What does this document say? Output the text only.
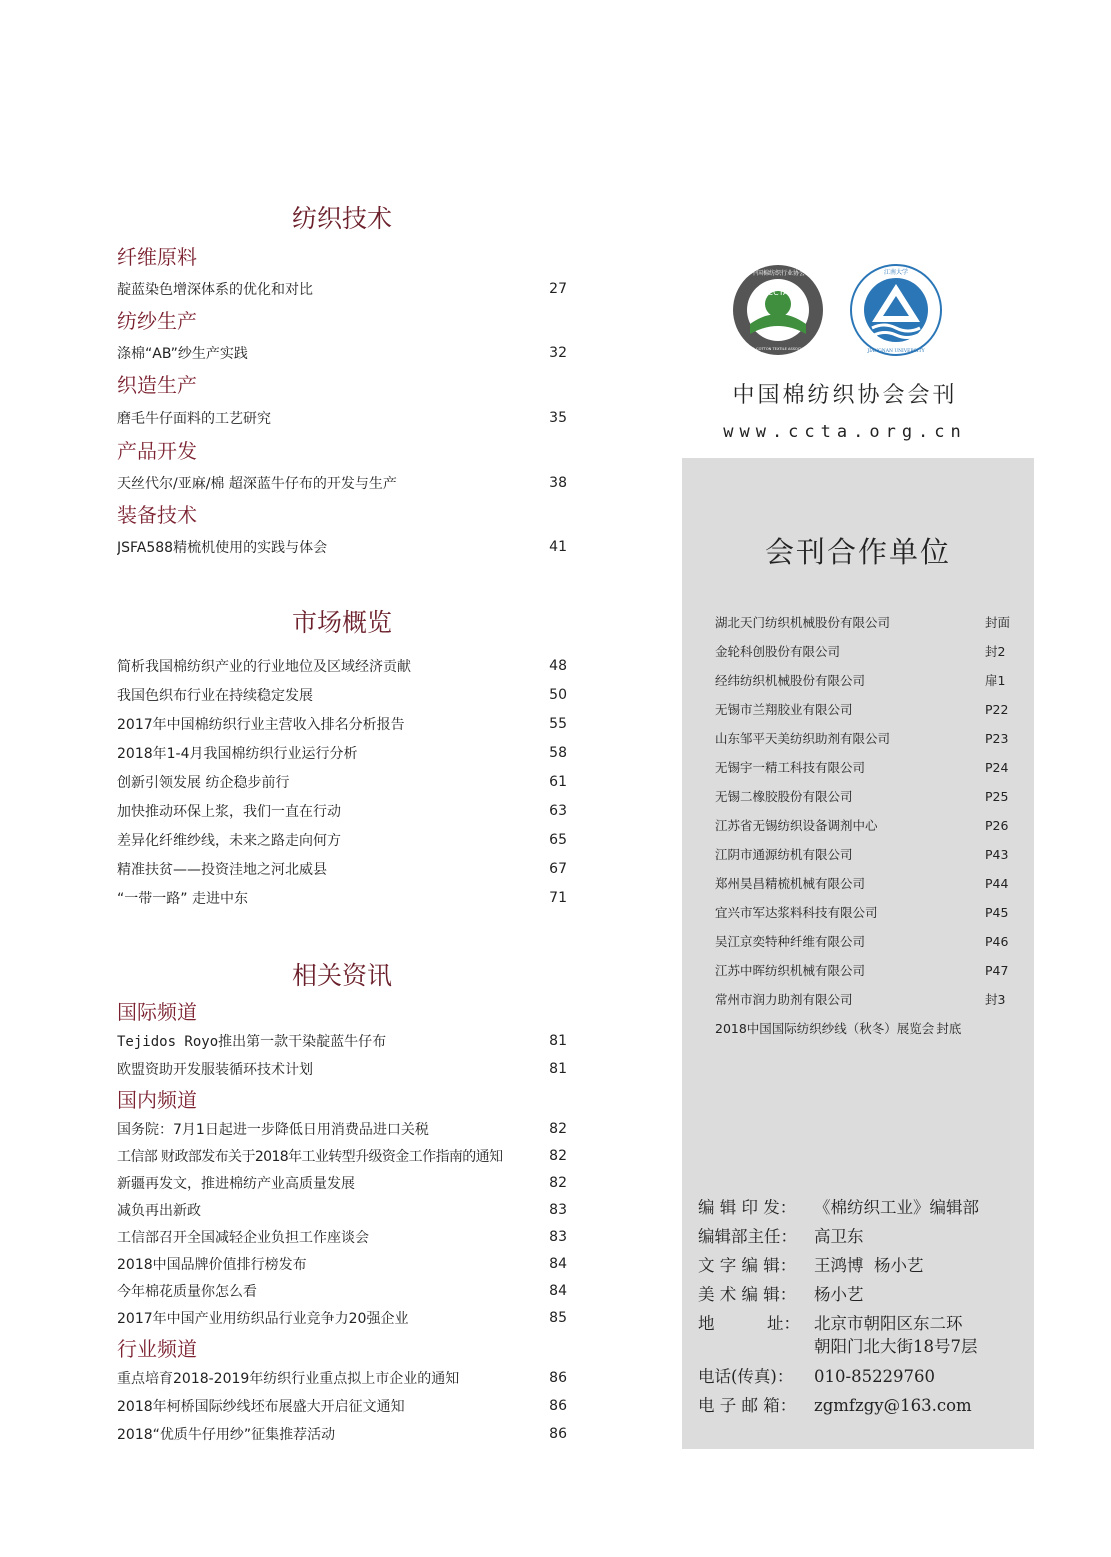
纺织技术
纤维原料
靛蓝染色增深体系的优化和对比	27
纺纱生产
涤棉“AB”纱生产实践	32
织造生产
磨毛牛仔面料的工艺研究	35
产品开发
天丝代尔/亚麻/棉 超深蓝牛仔布的开发与生产	38
装备技术
JSFA588精梳机使用的实践与体会	41
市场概览
简析我国棉纺织产业的行业地位及区域经济贡献	48
我国色织布行业在持续稳定发展	50
2017年中国棉纺织行业主营收入排名分析报告	55
2018年1-4月我国棉纺织行业运行分析	58
创新引领发展 纺企稳步前行	61
加快推动环保上浆，我们一直在行动	63
差异化纤维纱线，未来之路走向何方	65
精准扶贫——投资洼地之河北威县	67
“一带一路” 走进中东	71
相关资讯
国际频道
Tejidos Royo推出第一款干染靛蓝牛仔布	81
欧盟资助开发服装循环技术计划	81
国内频道
国务院：7月1日起进一步降低日用消费品进口关税	82
工信部 财政部发布关于2018年工业转型升级资金工作指南的通知	82
新疆再发文，推进棉纺产业高质量发展	82
减负再出新政	83
工信部召开全国减轻企业负担工作座谈会	83
2018中国品牌价值排行榜发布	84
今年棉花质量你怎么看	84
2017年中国产业用纺织品行业竞争力20强企业	85
行业频道
重点培育2018-2019年纺织行业重点拟上市企业的通知	86
2018年柯桥国际纱线坯布展盛大开启征文通知	86
2018“优质牛仔用纱”征集推荐活动	86
CCTA
中国棉纺织行业协会
CHINA COTTON TEXTILE ASSOCIATION
江南大学
JIANGNAN UNIVERSITY
中国棉纺织协会会刊
www.ccta.org.cn
会刊合作单位
湖北天门纺织机械股份有限公司	封面
金轮科创股份有限公司	封2
经纬纺织机械股份有限公司	扉1
无锡市兰翔胶业有限公司	P22
山东邹平天美纺织助剂有限公司	P23
无锡宇一精工科技有限公司	P24
无锡二橡胶股份有限公司	P25
江苏省无锡纺织设备调剂中心	P26
江阴市通源纺机有限公司	P43
郑州昊昌精梳机械有限公司	P44
宜兴市军达浆料科技有限公司	P45
吴江京奕特种纤维有限公司	P46
江苏中晖纺织机械有限公司	P47
常州市润力助剂有限公司	封3
2018中国国际纺织纱线（秋冬）展览会 封底
编 辑 印 发：	《棉纺织工业》编辑部
编辑部主任：	高卫东
文 字 编 辑：	王鸿博  杨小艺
美 术 编 辑：	杨小艺
地          址： 北京市朝阳区东二环
朝阳门北大街18号7层
电话(传真)：	010-85229760
电 子 邮 箱：	zgmfzgy@163.com
